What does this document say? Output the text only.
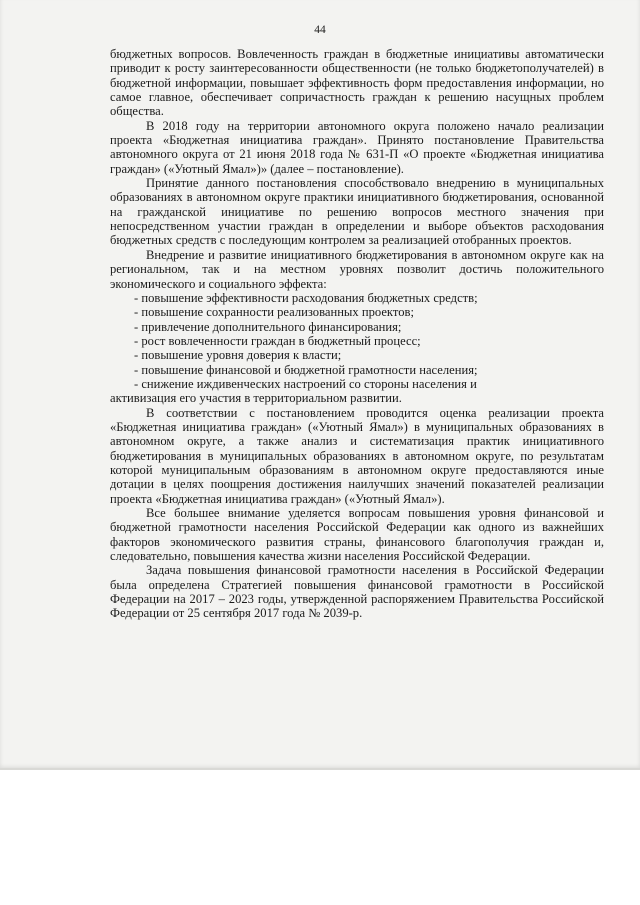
44

бюджетных вопросов. Вовлеченность граждан в бюджетные инициативы автоматически приводит к росту заинтересованности общественности (не только бюджетополучателей) в бюджетной информации, повышает эффективность форм предоставления информации, но самое главное, обеспечивает сопричастность граждан к решению насущных проблем общества.

В 2018 году на территории автономного округа положено начало реализации проекта «Бюджетная инициатива граждан». Принято постановление Правительства автономного округа от 21 июня 2018 года № 631-П «О проекте «Бюджетная инициатива граждан» («Уютный Ямал»)» (далее – постановление).

Принятие данного постановления способствовало внедрению в муниципальных образованиях в автономном округе практики инициативного бюджетирования, основанной на гражданской инициативе по решению вопросов местного значения при непосредственном участии граждан в определении и выборе объектов расходования бюджетных средств с последующим контролем за реализацией отобранных проектов.

Внедрение и развитие инициативного бюджетирования в автономном округе как на региональном, так и на местном уровнях позволит достичь положительного экономического и социального эффекта:

- повышение эффективности расходования бюджетных средств;
- повышение сохранности реализованных проектов;
- привлечение дополнительного финансирования;
- рост вовлеченности граждан в бюджетный процесс;
- повышение уровня доверия к власти;
- повышение финансовой и бюджетной грамотности населения;
- снижение иждивенческих настроений со стороны населения и

активизация его участия в территориальном развитии.

В соответствии с постановлением проводится оценка реализации проекта «Бюджетная инициатива граждан» («Уютный Ямал») в муниципальных образованиях в автономном округе, а также анализ и систематизация практик инициативного бюджетирования в муниципальных образованиях в автономном округе, по результатам которой муниципальным образованиям в автономном округе предоставляются иные дотации в целях поощрения достижения наилучших значений показателей реализации проекта «Бюджетная инициатива граждан» («Уютный Ямал»).

Все большее внимание уделяется вопросам повышения уровня финансовой и бюджетной грамотности населения Российской Федерации как одного из важнейших факторов экономического развития страны, финансового благополучия граждан и, следовательно, повышения качества жизни населения Российской Федерации.

Задача повышения финансовой грамотности населения в Российской Федерации была определена Стратегией повышения финансовой грамотности в Российской Федерации на 2017 – 2023 годы, утвержденной распоряжением Правительства Российской Федерации от 25 сентября 2017 года № 2039-р.
